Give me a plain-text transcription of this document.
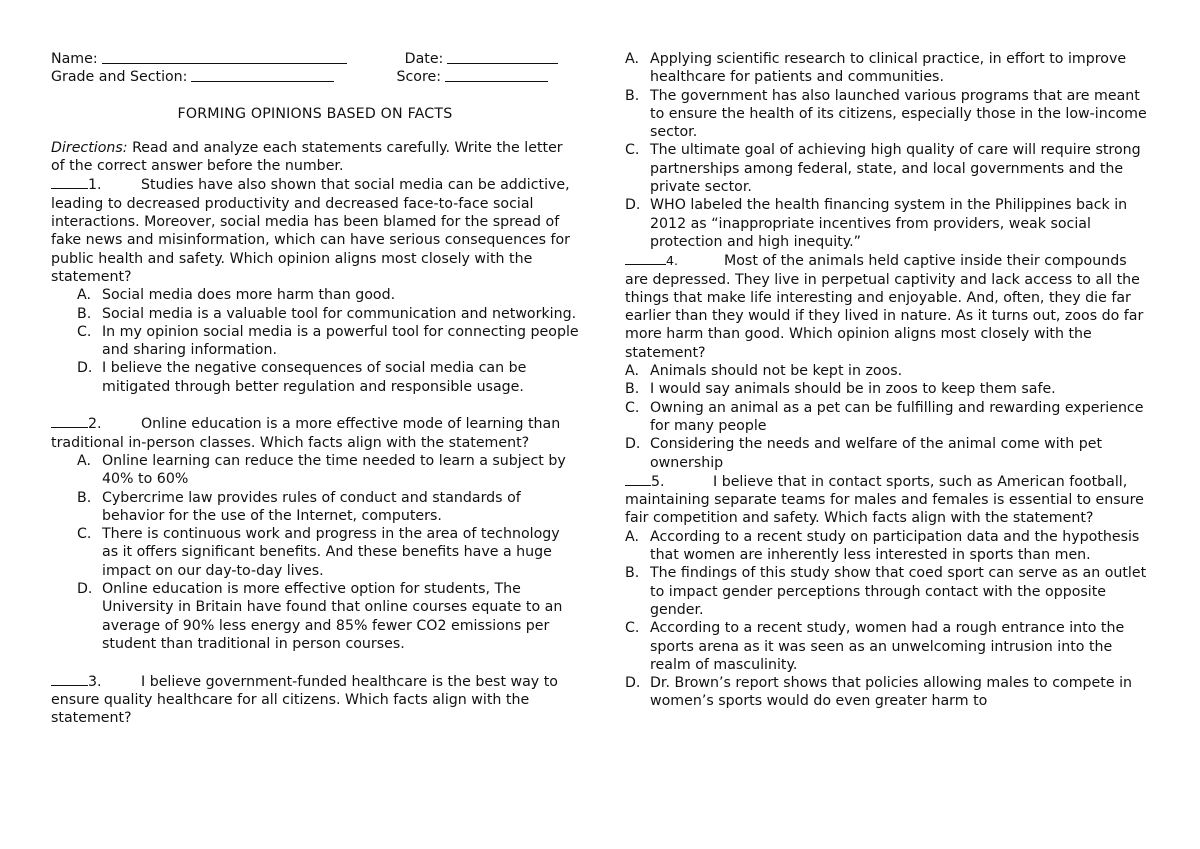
Name:	Date:
Grade and Section:	Score:
FORMING OPINIONS BASED ON FACTS
Directions: Read and analyze each statements carefully. Write the letter of the correct answer before the number.
1.	Studies have also shown that social media can be addictive, leading to decreased productivity and decreased face-to-face social interactions. Moreover, social media has been blamed for the spread of fake news and misinformation, which can have serious consequences for public health and safety. Which opinion aligns most closely with the statement?
A. Social media does more harm than good.
B. Social media is a valuable tool for communication and networking.
C. In my opinion social media is a powerful tool for connecting people and sharing information.
D. I believe the negative consequences of social media can be mitigated through better regulation and responsible usage.
2.	Online education is a more effective mode of learning than traditional in-person classes. Which facts align with the statement?
A. Online learning can reduce the time needed to learn a subject by 40% to 60%
B. Cybercrime law provides rules of conduct and standards of behavior for the use of the Internet, computers.
C. There is continuous work and progress in the area of technology as it offers significant benefits. And these benefits have a huge impact on our day-to-day lives.
D. Online education is more effective option for students, The University in Britain have found that online courses equate to an average of 90% less energy and 85% fewer CO2 emissions per student than traditional in person courses.
3.	I believe government-funded healthcare is the best way to ensure quality healthcare for all citizens. Which facts align with the statement?
A. Applying scientific research to clinical practice, in effort to improve healthcare for patients and communities.
B. The government has also launched various programs that are meant to ensure the health of its citizens, especially those in the low-income sector.
C. The ultimate goal of achieving high quality of care will require strong partnerships among federal, state, and local governments and the private sector.
D. WHO labeled the health financing system in the Philippines back in 2012 as “inappropriate incentives from providers, weak social protection and high inequity.”
4.	Most of the animals held captive inside their compounds are depressed. They live in perpetual captivity and lack access to all the things that make life interesting and enjoyable. And, often, they die far earlier than they would if they lived in nature. As it turns out, zoos do far more harm than good. Which opinion aligns most closely with the statement?
A. Animals should not be kept in zoos.
B. I would say animals should be in zoos to keep them safe.
C. Owning an animal as a pet can be fulfilling and rewarding experience for many people
D. Considering the needs and welfare of the animal come with pet ownership
5.	I believe that in contact sports, such as American football, maintaining separate teams for males and females is essential to ensure fair competition and safety. Which facts align with the statement?
A. According to a recent study on participation data and the hypothesis that women are inherently less interested in sports than men.
B. The findings of this study show that coed sport can serve as an outlet to impact gender perceptions through contact with the opposite gender.
C. According to a recent study, women had a rough entrance into the sports arena as it was seen as an unwelcoming intrusion into the realm of masculinity.
D. Dr. Brown’s report shows that policies allowing males to compete in women’s sports would do even greater harm to
